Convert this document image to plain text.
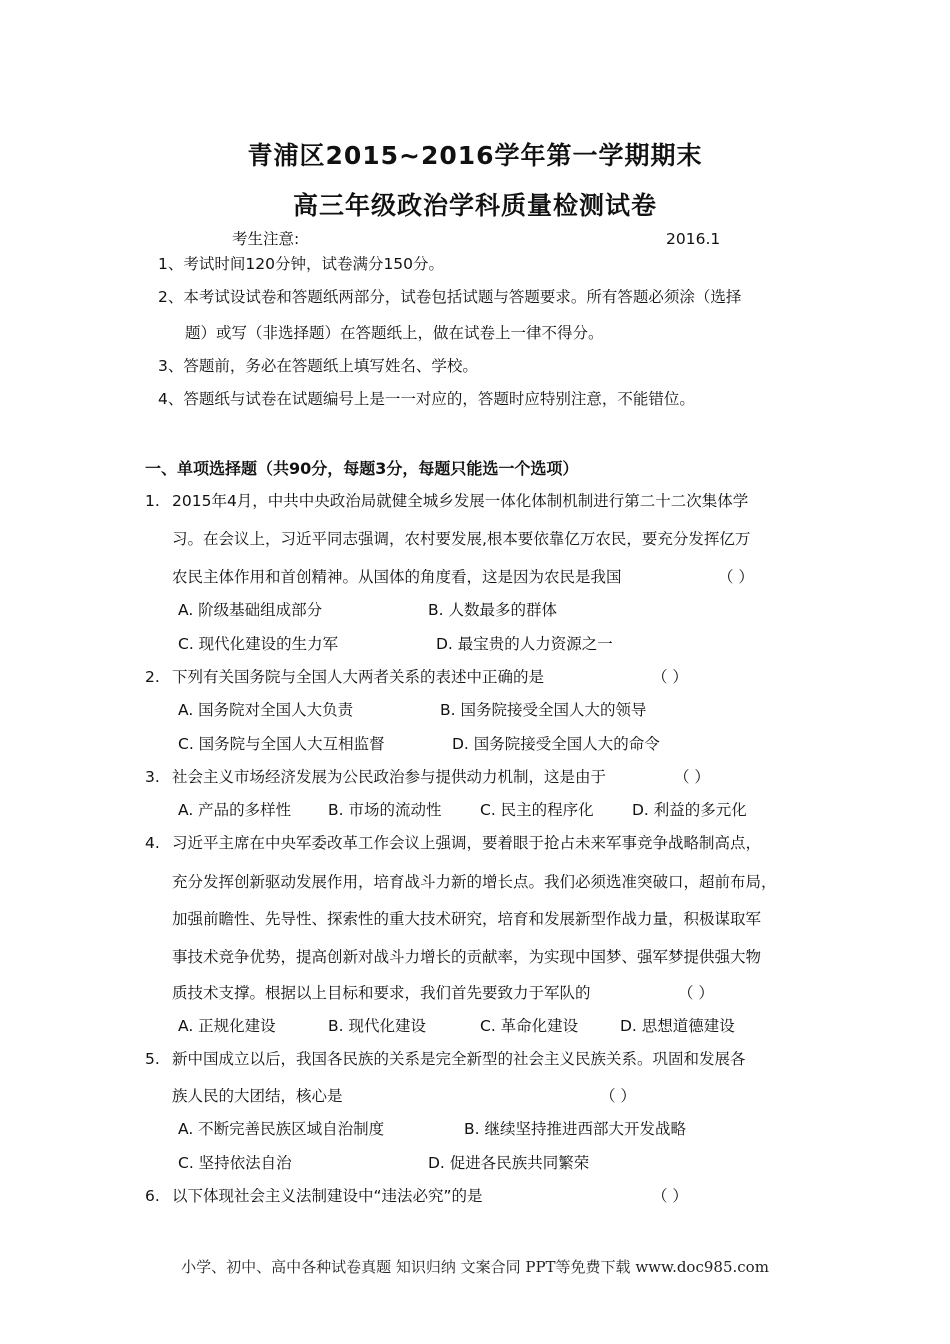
青浦区2015~2016学年第一学期期末
高三年级政治学科质量检测试卷
考生注意:	2016.1
1、考试时间120分钟，试卷满分150分。
2、本考试设试卷和答题纸两部分，试卷包括试题与答题要求。所有答题必须涂（选择
题）或写（非选择题）在答题纸上，做在试卷上一律不得分。
3、答题前，务必在答题纸上填写姓名、学校。
4、答题纸与试卷在试题编号上是一一对应的，答题时应特别注意，不能错位。
一、单项选择题（共90分，每题3分，每题只能选一个选项）
1. 2015年4月，中共中央政治局就健全城乡发展一体化体制机制进行第二十二次集体学
习。在会议上，习近平同志强调，农村要发展,根本要依靠亿万农民，要充分发挥亿万
农民主体作用和首创精神。从国体的角度看，这是因为农民是我国	（ ）
A. 阶级基础组成部分	B. 人数最多的群体
C. 现代化建设的生力军	D. 最宝贵的人力资源之一
2. 下列有关国务院与全国人大两者关系的表述中正确的是	（ ）
A. 国务院对全国人大负责	B. 国务院接受全国人大的领导
C. 国务院与全国人大互相监督	D. 国务院接受全国人大的命令
3. 社会主义市场经济发展为公民政治参与提供动力机制，这是由于	（ ）
A. 产品的多样性 B. 市场的流动性 C. 民主的程序化 D. 利益的多元化
4. 习近平主席在中央军委改革工作会议上强调，要着眼于抢占未来军事竞争战略制高点，
充分发挥创新驱动发展作用，培育战斗力新的增长点。我们必须选准突破口，超前布局，
加强前瞻性、先导性、探索性的重大技术研究，培育和发展新型作战力量，积极谋取军
事技术竞争优势，提高创新对战斗力增长的贡献率，为实现中国梦、强军梦提供强大物
质技术支撑。根据以上目标和要求，我们首先要致力于军队的	（ ）
A. 正规化建设	B. 现代化建设	C. 革命化建设	D. 思想道德建设
5. 新中国成立以后，我国各民族的关系是完全新型的社会主义民族关系。巩固和发展各
族人民的大团结，核心是	（ ）
A. 不断完善民族区域自治制度	B. 继续坚持推进西部大开发战略
C. 坚持依法自治	D. 促进各民族共同繁荣
6. 以下体现社会主义法制建设中“违法必究”的是	（ ）
小学、初中、高中各种试卷真题 知识归纳 文案合同 PPT等免费下载 www.doc985.com
